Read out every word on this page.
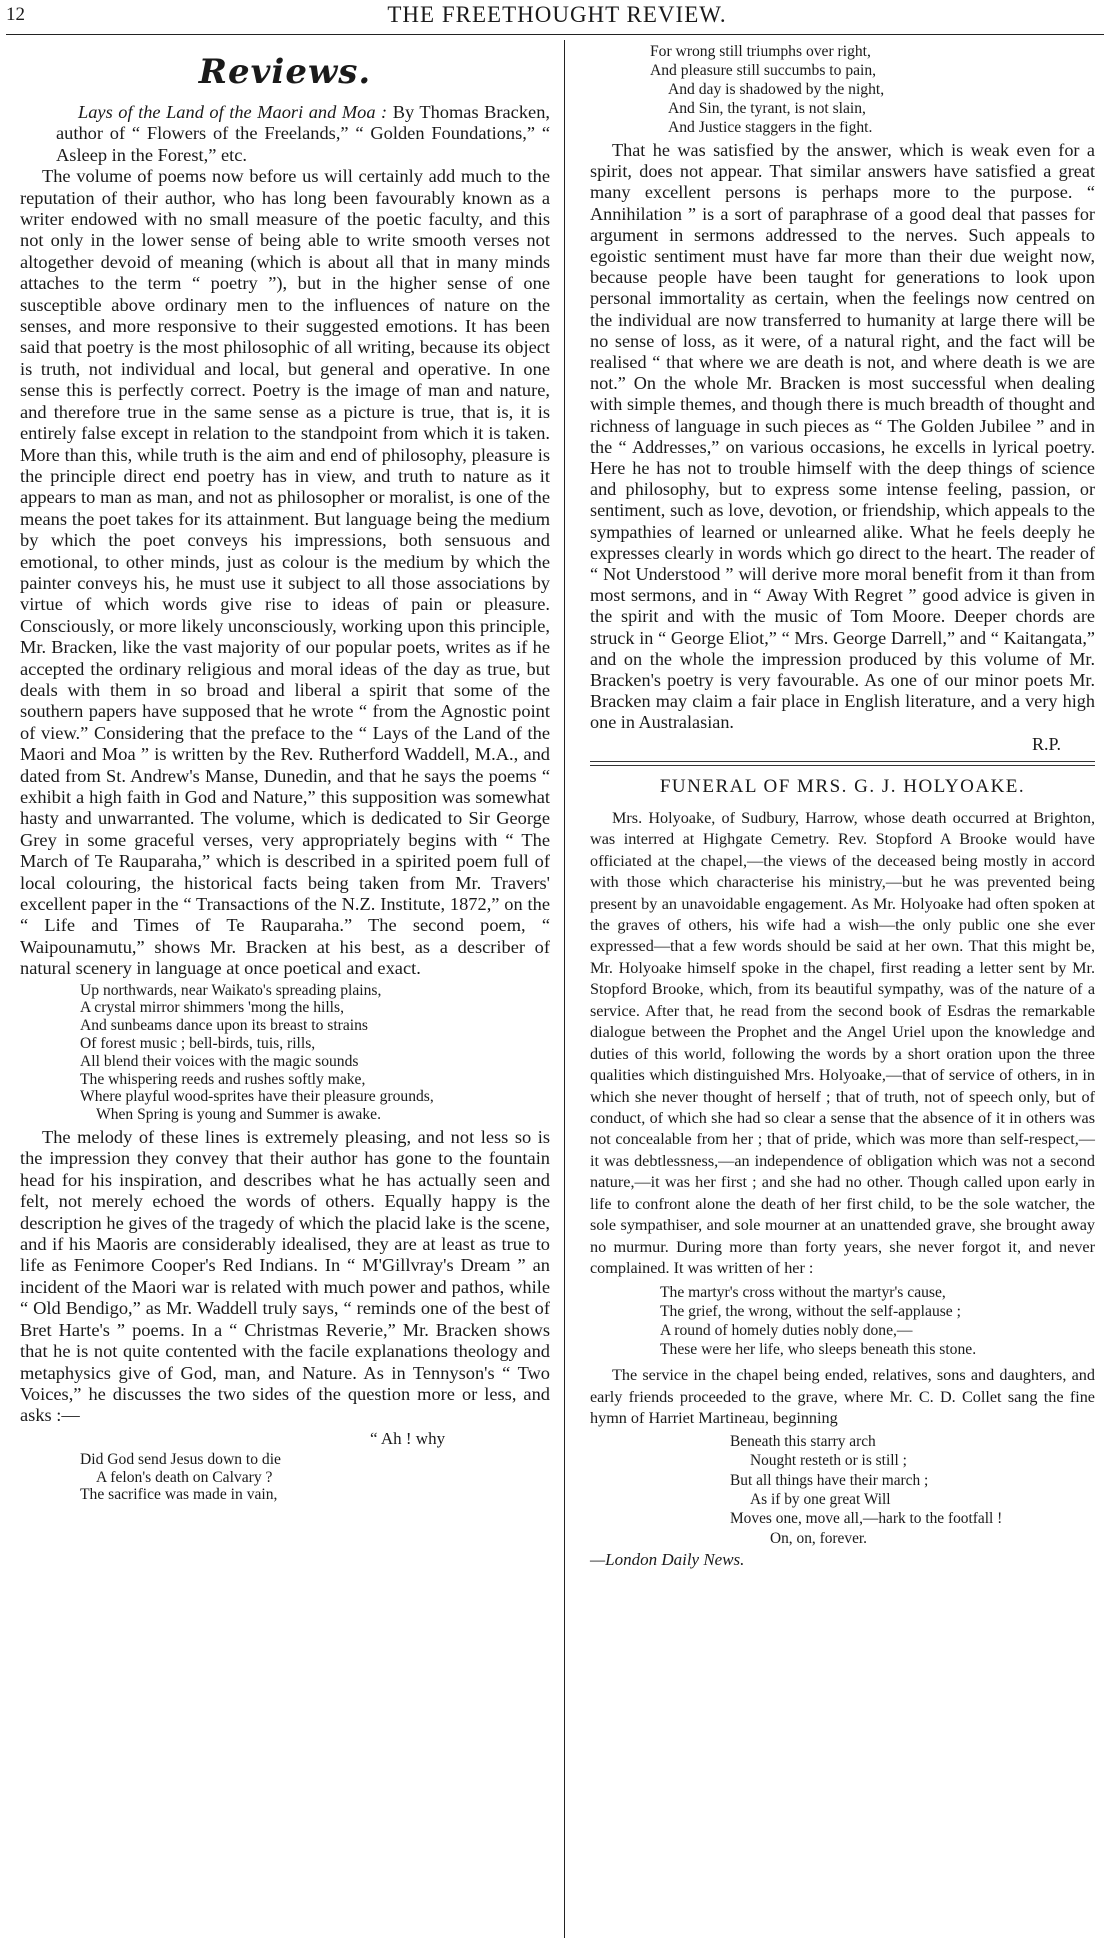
12	THE FREETHOUGHT REVIEW.
Reviews.

Lays of the Land of the Maori and Moa : By Thomas Bracken, author of “ Flowers of the Freelands,” “ Golden Foundations,” “ Asleep in the Forest,” etc.

The volume of poems now before us will certainly add much to the reputation of their author, who has long been favourably known as a writer endowed with no small measure of the poetic faculty, and this not only in the lower sense of being able to write smooth verses not altogether devoid of meaning (which is about all that in many minds attaches to the term “ poetry ”), but in the higher sense of one susceptible above ordinary men to the influences of nature on the senses, and more responsive to their suggested emotions. It has been said that poetry is the most philosophic of all writing, because its object is truth, not individual and local, but general and operative. In one sense this is perfectly correct. Poetry is the image of man and nature, and therefore true in the same sense as a picture is true, that is, it is entirely false except in relation to the standpoint from which it is taken. More than this, while truth is the aim and end of philosophy, pleasure is the principle direct end poetry has in view, and truth to nature as it appears to man as man, and not as philosopher or moralist, is one of the means the poet takes for its attainment. But language being the medium by which the poet conveys his impressions, both sensuous and emotional, to other minds, just as colour is the medium by which the painter conveys his, he must use it subject to all those associations by virtue of which words give rise to ideas of pain or pleasure. Consciously, or more likely unconsciously, working upon this principle, Mr. Bracken, like the vast majority of our popular poets, writes as if he accepted the ordinary religious and moral ideas of the day as true, but deals with them in so broad and liberal a spirit that some of the southern papers have supposed that he wrote “ from the Agnostic point of view.” Considering that the preface to the “ Lays of the Land of the Maori and Moa ” is written by the Rev. Rutherford Waddell, M.A., and dated from St. Andrew's Manse, Dunedin, and that he says the poems “ exhibit a high faith in God and Nature,” this supposition was somewhat hasty and unwarranted. The volume, which is dedicated to Sir George Grey in some graceful verses, very appropriately begins with “ The March of Te Rauparaha,” which is described in a spirited poem full of local colouring, the historical facts being taken from Mr. Travers' excellent paper in the “ Transactions of the N.Z. Institute, 1872,” on the “ Life and Times of Te Rauparaha.” The second poem, “ Waipounamutu,” shows Mr. Bracken at his best, as a describer of natural scenery in language at once poetical and exact.

Up northwards, near Waikato's spreading plains,
A crystal mirror shimmers 'mong the hills,
And sunbeams dance upon its breast to strains
Of forest music ; bell-birds, tuis, rills,
All blend their voices with the magic sounds
The whispering reeds and rushes softly make,
Where playful wood-sprites have their pleasure grounds,
When Spring is young and Summer is awake.

The melody of these lines is extremely pleasing, and not less so is the impression they convey that their author has gone to the fountain head for his inspiration, and describes what he has actually seen and felt, not merely echoed the words of others. Equally happy is the description he gives of the tragedy of which the placid lake is the scene, and if his Maoris are considerably idealised, they are at least as true to life as Fenimore Cooper's Red Indians. In “ M'Gillvray's Dream ” an incident of the Maori war is related with much power and pathos, while “ Old Bendigo,” as Mr. Waddell truly says, “ reminds one of the best of Bret Harte's ” poems. In a “ Christmas Reverie,” Mr. Bracken shows that he is not quite contented with the facile explanations theology and metaphysics give of God, man, and Nature. As in Tennyson's “ Two Voices,” he discusses the two sides of the question more or less, and asks :—

“ Ah ! why
Did God send Jesus down to die
A felon's death on Calvary ?
The sacrifice was made in vain,
For wrong still triumphs over right,
And pleasure still succumbs to pain,
And day is shadowed by the night,
And Sin, the tyrant, is not slain,
And Justice staggers in the fight.

That he was satisfied by the answer, which is weak even for a spirit, does not appear. That similar answers have satisfied a great many excellent persons is perhaps more to the purpose. “ Annihilation ” is a sort of paraphrase of a good deal that passes for argument in sermons addressed to the nerves. Such appeals to egoistic sentiment must have far more than their due weight now, because people have been taught for generations to look upon personal immortality as certain, when the feelings now centred on the individual are now transferred to humanity at large there will be no sense of loss, as it were, of a natural right, and the fact will be realised “ that where we are death is not, and where death is we are not.” On the whole Mr. Bracken is most successful when dealing with simple themes, and though there is much breadth of thought and richness of language in such pieces as “ The Golden Jubilee ” and in the “ Addresses,” on various occasions, he excells in lyrical poetry. Here he has not to trouble himself with the deep things of science and philosophy, but to express some intense feeling, passion, or sentiment, such as love, devotion, or friendship, which appeals to the sympathies of learned or unlearned alike. What he feels deeply he expresses clearly in words which go direct to the heart. The reader of “ Not Understood ” will derive more moral benefit from it than from most sermons, and in “ Away With Regret ” good advice is given in the spirit and with the music of Tom Moore. Deeper chords are struck in “ George Eliot,” “ Mrs. George Darrell,” and “ Kaitangata,” and on the whole the impression produced by this volume of Mr. Bracken's poetry is very favourable. As one of our minor poets Mr. Bracken may claim a fair place in English literature, and a very high one in Australasian.

R.P.
FUNERAL OF MRS. G. J. HOLYOAKE.

Mrs. Holyoake, of Sudbury, Harrow, whose death occurred at Brighton, was interred at Highgate Cemetry. Rev. Stopford A Brooke would have officiated at the chapel,—the views of the deceased being mostly in accord with those which characterise his ministry,—but he was prevented being present by an unavoidable engagement. As Mr. Holyoake had often spoken at the graves of others, his wife had a wish—the only public one she ever expressed—that a few words should be said at her own. That this might be, Mr. Holyoake himself spoke in the chapel, first reading a letter sent by Mr. Stopford Brooke, which, from its beautiful sympathy, was of the nature of a service. After that, he read from the second book of Esdras the remarkable dialogue between the Prophet and the Angel Uriel upon the knowledge and duties of this world, following the words by a short oration upon the three qualities which distinguished Mrs. Holyoake,—that of service of others, in in which she never thought of herself ; that of truth, not of speech only, but of conduct, of which she had so clear a sense that the absence of it in others was not concealable from her ; that of pride, which was more than self-respect,—it was debtlessness,—an independence of obligation which was not a second nature,—it was her first ; and she had no other. Though called upon early in life to confront alone the death of her first child, to be the sole watcher, the sole sympathiser, and sole mourner at an unattended grave, she brought away no murmur. During more than forty years, she never forgot it, and never complained. It was written of her :

The martyr's cross without the martyr's cause,
The grief, the wrong, without the self-applause ;
A round of homely duties nobly done,—
These were her life, who sleeps beneath this stone.

The service in the chapel being ended, relatives, sons and daughters, and early friends proceeded to the grave, where Mr. C. D. Collet sang the fine hymn of Harriet Martineau, beginning

Beneath this starry arch
Nought resteth or is still ;
But all things have their march ;
As if by one great Will
Moves one, move all,—hark to the footfall !
On, on, forever.
—London Daily News.
